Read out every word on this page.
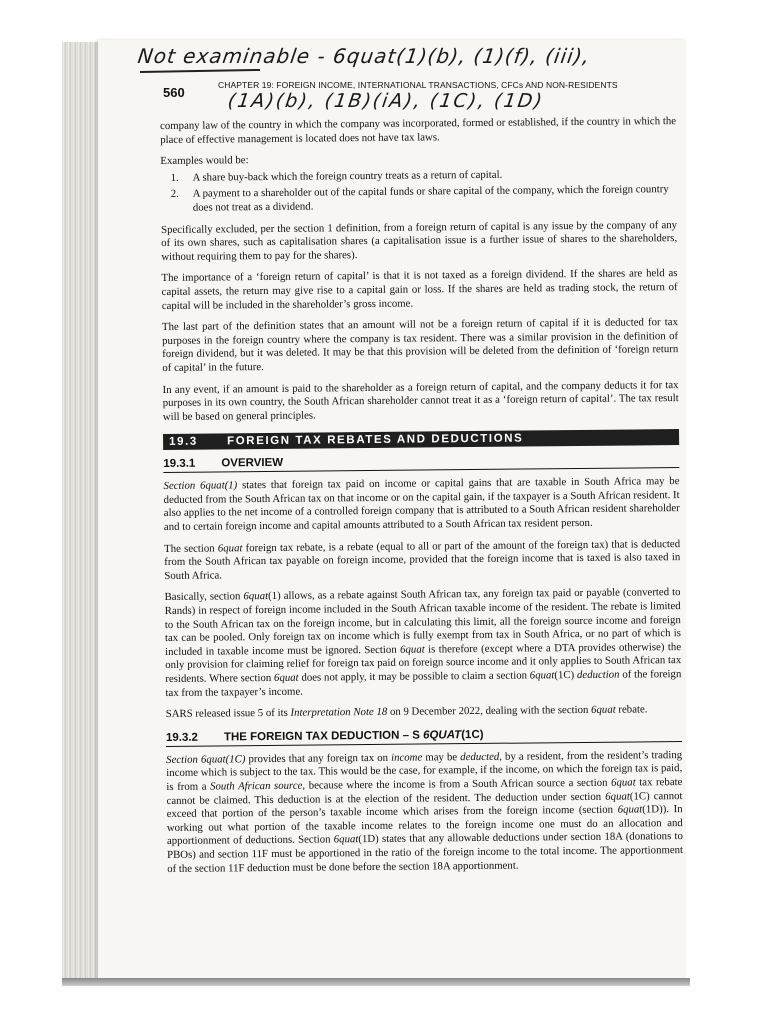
Not examinable - 6quat(1)(b), (1)(f), (iii),
(1A)(b), (1B)(iA), (1C), (1D)
560	CHAPTER 19: FOREIGN INCOME, INTERNATIONAL TRANSACTIONS, CFCs AND NON-RESIDENTS

company law of the country in which the company was incorporated, formed or established, if the country in which the place of effective management is located does not have tax laws.

Examples would be:

1. A share buy-back which the foreign country treats as a return of capital.
2. A payment to a shareholder out of the capital funds or share capital of the company, which the foreign country does not treat as a dividend.

Specifically excluded, per the section 1 definition, from a foreign return of capital is any issue by the company of any of its own shares, such as capitalisation shares (a capitalisation issue is a further issue of shares to the shareholders, without requiring them to pay for the shares).

The importance of a ‘foreign return of capital’ is that it is not taxed as a foreign dividend. If the shares are held as capital assets, the return may give rise to a capital gain or loss. If the shares are held as trading stock, the return of capital will be included in the shareholder’s gross income.

The last part of the definition states that an amount will not be a foreign return of capital if it is deducted for tax purposes in the foreign country where the company is tax resident. There was a similar provision in the definition of foreign dividend, but it was deleted. It may be that this provision will be deleted from the definition of ‘foreign return of capital’ in the future.

In any event, if an amount is paid to the shareholder as a foreign return of capital, and the company deducts it for tax purposes in its own country, the South African shareholder cannot treat it as a ‘foreign return of capital’. The tax result will be based on general principles.

19.3	FOREIGN TAX REBATES AND DEDUCTIONS
19.3.1	OVERVIEW

Section 6quat(1) states that foreign tax paid on income or capital gains that are taxable in South Africa may be deducted from the South African tax on that income or on the capital gain, if the taxpayer is a South African resident. It also applies to the net income of a controlled foreign company that is attributed to a South African resident shareholder and to certain foreign income and capital amounts attributed to a South African tax resident person.

The section 6quat foreign tax rebate, is a rebate (equal to all or part of the amount of the foreign tax) that is deducted from the South African tax payable on foreign income, provided that the foreign income that is taxed is also taxed in South Africa.

Basically, section 6quat(1) allows, as a rebate against South African tax, any foreign tax paid or payable (converted to Rands) in respect of foreign income included in the South African taxable income of the resident. The rebate is limited to the South African tax on the foreign income, but in calculating this limit, all the foreign source income and foreign tax can be pooled. Only foreign tax on income which is fully exempt from tax in South Africa, or no part of which is included in taxable income must be ignored. Section 6quat is therefore (except where a DTA provides otherwise) the only provision for claiming relief for foreign tax paid on foreign source income and it only applies to South African tax residents. Where section 6quat does not apply, it may be possible to claim a section 6quat(1C) deduction of the foreign tax from the taxpayer’s income.

SARS released issue 5 of its Interpretation Note 18 on 9 December 2022, dealing with the section 6quat rebate.

19.3.2	THE FOREIGN TAX DEDUCTION – S 6QUAT(1C)

Section 6quat(1C) provides that any foreign tax on income may be deducted, by a resident, from the resident’s trading income which is subject to the tax. This would be the case, for example, if the income, on which the foreign tax is paid, is from a South African source, because where the income is from a South African source a section 6quat tax rebate cannot be claimed. This deduction is at the election of the resident. The deduction under section 6quat(1C) cannot exceed that portion of the person’s taxable income which arises from the foreign income (section 6quat(1D)). In working out what portion of the taxable income relates to the foreign income one must do an allocation and apportionment of deductions. Section 6quat(1D) states that any allowable deductions under section 18A (donations to PBOs) and section 11F must be apportioned in the ratio of the foreign income to the total income. The apportionment of the section 11F deduction must be done before the section 18A apportionment.
